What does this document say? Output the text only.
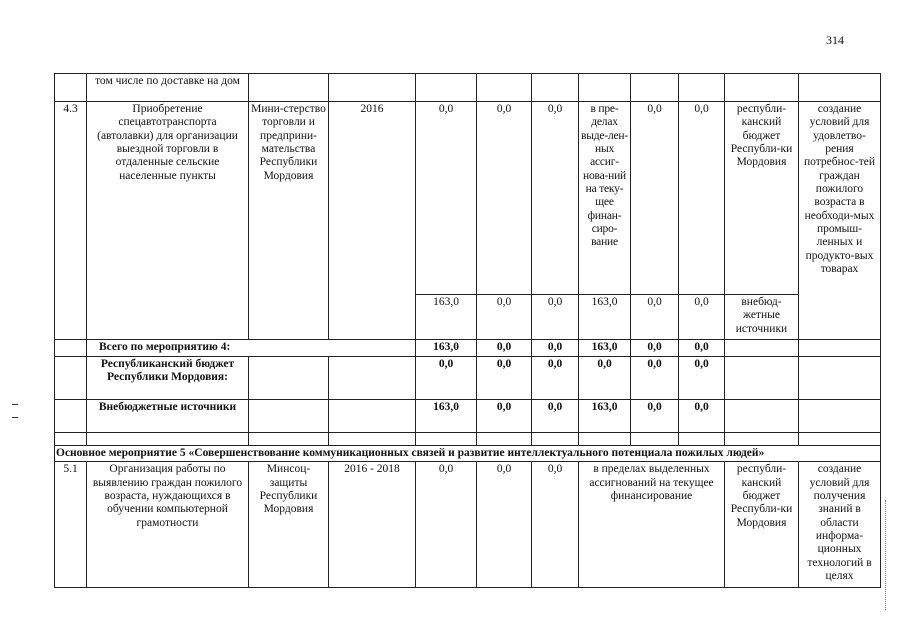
314
	том числе по доставке на дом										
4.3	Приобретение спецавтотранспорта (автолавки) для организации выездной торговли в отдаленные сельские населенные пункты	Мини-стерство торговли и предприни-мательства Республики Мордовия	2016	0,0	0,0	0,0	в пре-делах выде-лен-ных ассиг-нова-ний на теку-щее финан-сиро-вание	0,0	0,0	республи-канский бюджет Республи-ки Мордовия	создание условий для удовлетво-рения потребнос-тей граждан пожилого возраста в необходи-мых промыш-ленных и продукто-вых товарах
				163,0	0,0	0,0	163,0	0,0	0,0	внебюд-жетные источники	
	Всего по мероприятию 4:			163,0	0,0	0,0	163,0	0,0	0,0		
	Республиканский бюджет Республики Мордовия:			0,0	0,0	0,0	0,0	0,0	0,0		
	Внебюджетные источники			163,0	0,0	0,0	163,0	0,0	0,0		

Основное мероприятие 5 «Совершенствование коммуникационных связей и развитие интеллектуального потенциала пожилых людей»											
5.1	Организация работы по выявлению граждан пожилого возраста, нуждающихся в обучении компьютерной грамотности	Минсоц-защиты Республики Мордовия	2016 - 2018	0,0	0,0	0,0	в пределах выделенных ассигнований на текущее финансирование			республи-канский бюджет Республи-ки Мордовия	создание условий для получения знаний в области информа-ционных технологий в целях
